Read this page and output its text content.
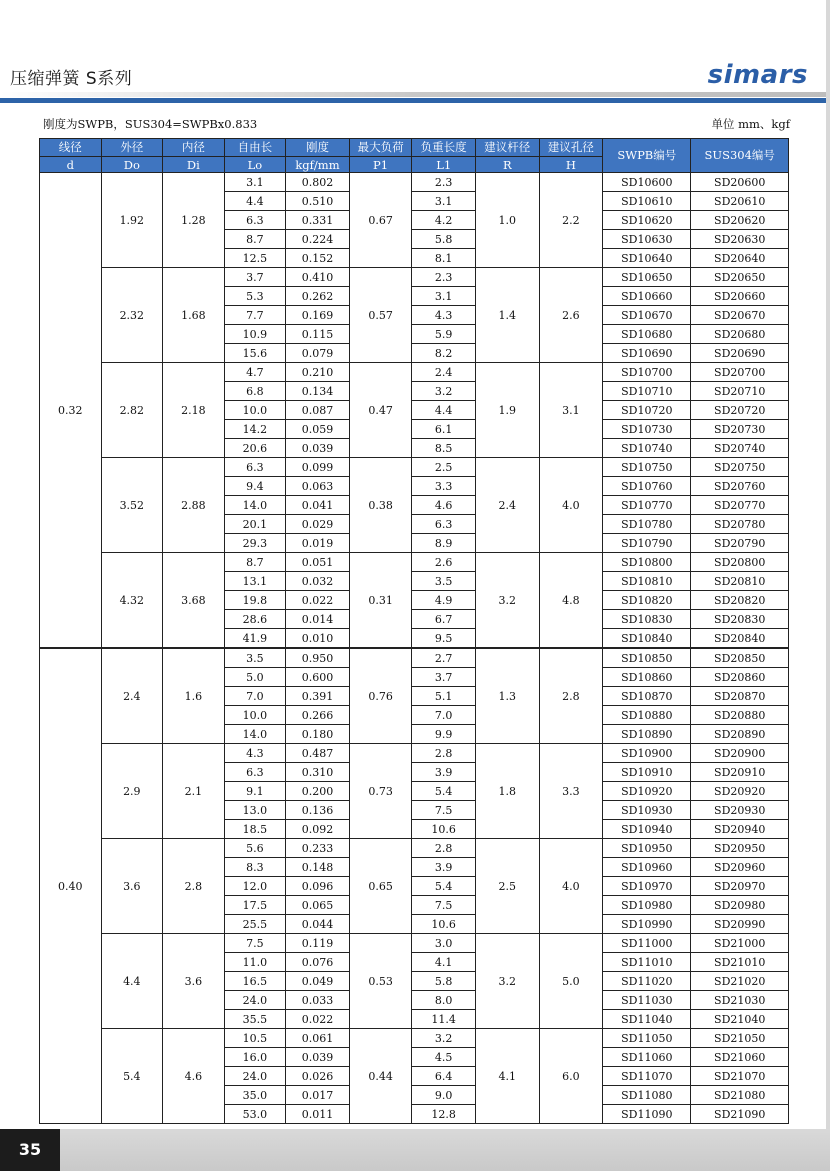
压缩弹簧 S系列	simars
刚度为SWPB，SUS304=SWPBx0.833	单位 mm、kgf
线径	外径	内径	自由长	刚度	最大负荷	负重长度	建议杆径	建议孔径	SWPB编号	SUS304编号
d	Do	Di	Lo	kgf/mm	P1	L1	R	H		
0.32	1.92	1.28	3.1	0.802	0.67	2.3	1.0	2.2	SD10600	SD20600
			4.4	0.510		3.1			SD10610	SD20610
			6.3	0.331		4.2			SD10620	SD20620
			8.7	0.224		5.8			SD10630	SD20630
			12.5	0.152		8.1			SD10640	SD20640
	2.32	1.68	3.7	0.410	0.57	2.3	1.4	2.6	SD10650	SD20650
			5.3	0.262		3.1			SD10660	SD20660
			7.7	0.169		4.3			SD10670	SD20670
			10.9	0.115		5.9			SD10680	SD20680
			15.6	0.079		8.2			SD10690	SD20690
	2.82	2.18	4.7	0.210	0.47	2.4	1.9	3.1	SD10700	SD20700
			6.8	0.134		3.2			SD10710	SD20710
			10.0	0.087		4.4			SD10720	SD20720
			14.2	0.059		6.1			SD10730	SD20730
			20.6	0.039		8.5			SD10740	SD20740
	3.52	2.88	6.3	0.099	0.38	2.5	2.4	4.0	SD10750	SD20750
			9.4	0.063		3.3			SD10760	SD20760
			14.0	0.041		4.6			SD10770	SD20770
			20.1	0.029		6.3			SD10780	SD20780
			29.3	0.019		8.9			SD10790	SD20790
	4.32	3.68	8.7	0.051	0.31	2.6	3.2	4.8	SD10800	SD20800
			13.1	0.032		3.5			SD10810	SD20810
			19.8	0.022		4.9			SD10820	SD20820
			28.6	0.014		6.7			SD10830	SD20830
			41.9	0.010		9.5			SD10840	SD20840
0.40	2.4	1.6	3.5	0.950	0.76	2.7	1.3	2.8	SD10850	SD20850
			5.0	0.600		3.7			SD10860	SD20860
			7.0	0.391		5.1			SD10870	SD20870
			10.0	0.266		7.0			SD10880	SD20880
			14.0	0.180		9.9			SD10890	SD20890
	2.9	2.1	4.3	0.487	0.73	2.8	1.8	3.3	SD10900	SD20900
			6.3	0.310		3.9			SD10910	SD20910
			9.1	0.200		5.4			SD10920	SD20920
			13.0	0.136		7.5			SD10930	SD20930
			18.5	0.092		10.6			SD10940	SD20940
	3.6	2.8	5.6	0.233	0.65	2.8	2.5	4.0	SD10950	SD20950
			8.3	0.148		3.9			SD10960	SD20960
			12.0	0.096		5.4			SD10970	SD20970
			17.5	0.065		7.5			SD10980	SD20980
			25.5	0.044		10.6			SD10990	SD20990
	4.4	3.6	7.5	0.119	0.53	3.0	3.2	5.0	SD11000	SD21000
			11.0	0.076		4.1			SD11010	SD21010
			16.5	0.049		5.8			SD11020	SD21020
			24.0	0.033		8.0			SD11030	SD21030
			35.5	0.022		11.4			SD11040	SD21040
	5.4	4.6	10.5	0.061	0.44	3.2	4.1	6.0	SD11050	SD21050
			16.0	0.039		4.5			SD11060	SD21060
			24.0	0.026		6.4			SD11070	SD21070
			35.0	0.017		9.0			SD11080	SD21080
			53.0	0.011		12.8			SD11090	SD21090
35
